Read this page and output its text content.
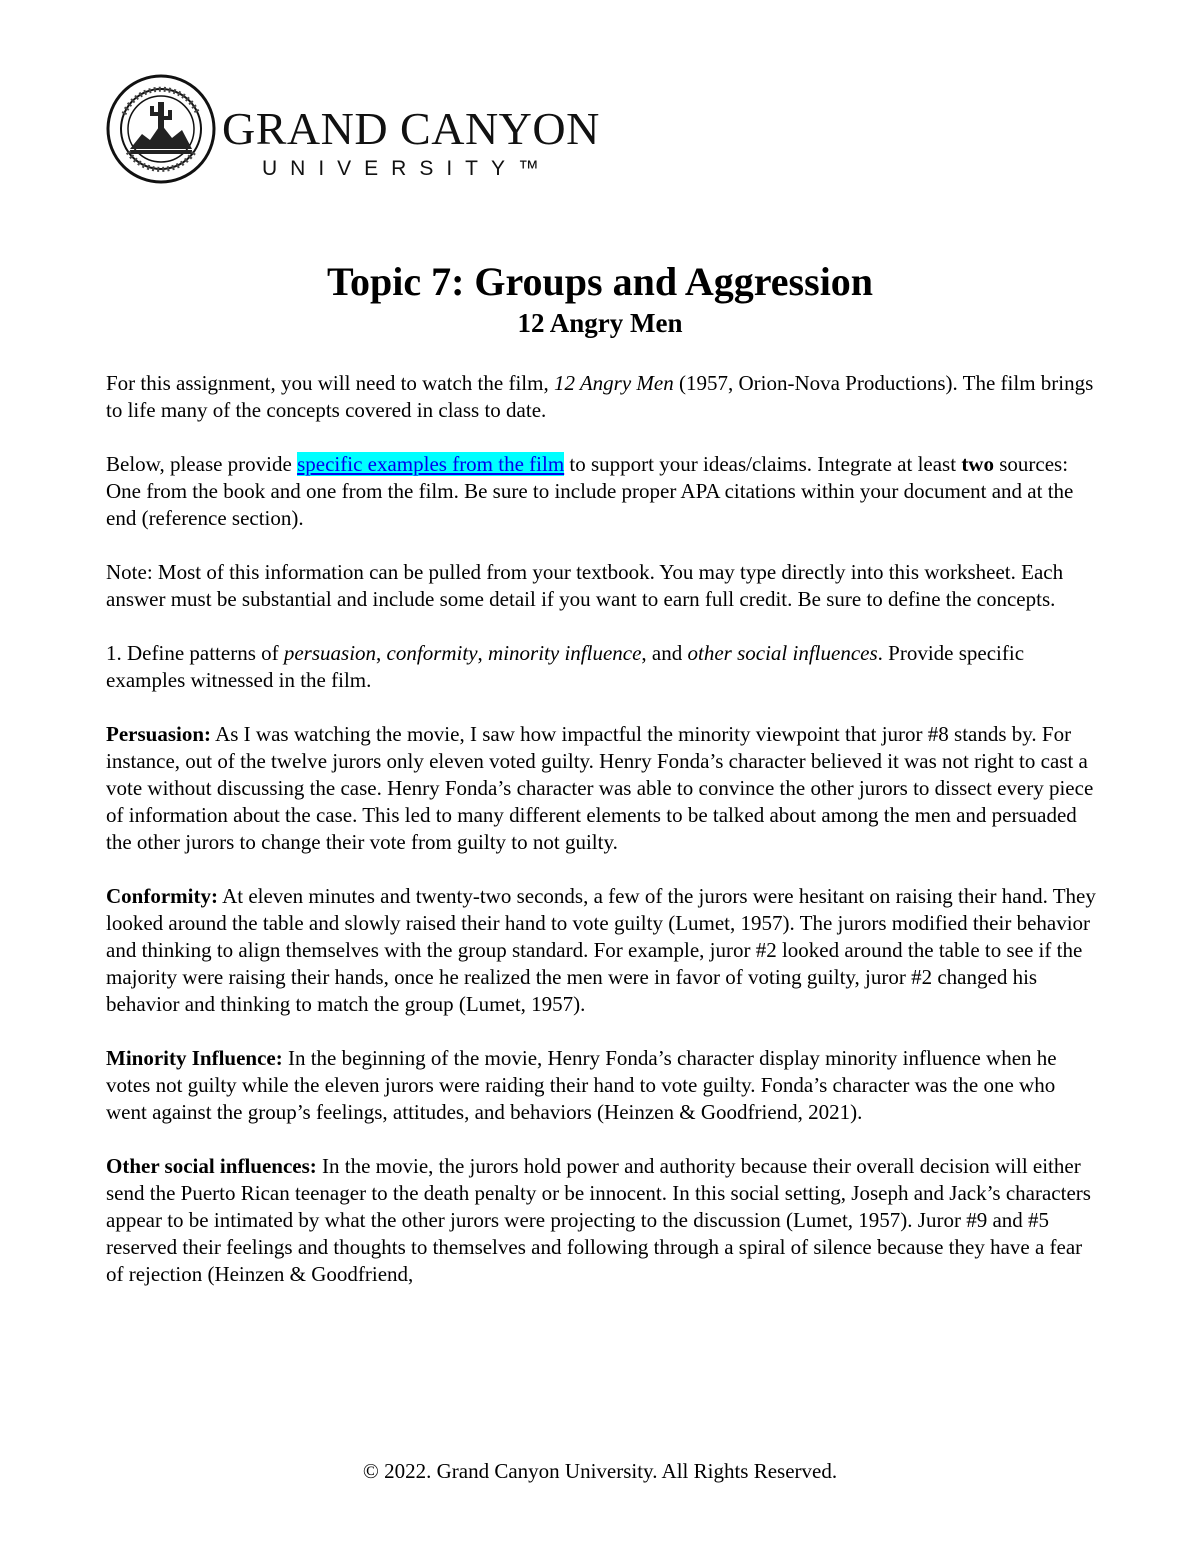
GRAND CANYON
UNIVERSITY™
Topic 7: Groups and Aggression
12 Angry Men

For this assignment, you will need to watch the film, 12 Angry Men (1957, Orion-Nova Productions). The film brings to life many of the concepts covered in class to date.

Below, please provide specific examples from the film to support your ideas/claims. Integrate at least two sources: One from the book and one from the film. Be sure to include proper APA citations within your document and at the end (reference section).

Note: Most of this information can be pulled from your textbook. You may type directly into this worksheet. Each answer must be substantial and include some detail if you want to earn full credit. Be sure to define the concepts.

1. Define patterns of persuasion, conformity, minority influence, and other social influences. Provide specific examples witnessed in the film.

Persuasion: As I was watching the movie, I saw how impactful the minority viewpoint that juror #8 stands by. For instance, out of the twelve jurors only eleven voted guilty. Henry Fonda’s character believed it was not right to cast a vote without discussing the case. Henry Fonda’s character was able to convince the other jurors to dissect every piece of information about the case. This led to many different elements to be talked about among the men and persuaded the other jurors to change their vote from guilty to not guilty.

Conformity: At eleven minutes and twenty-two seconds, a few of the jurors were hesitant on raising their hand. They looked around the table and slowly raised their hand to vote guilty (Lumet, 1957). The jurors modified their behavior and thinking to align themselves with the group standard. For example, juror #2 looked around the table to see if the majority were raising their hands, once he realized the men were in favor of voting guilty, juror #2 changed his behavior and thinking to match the group (Lumet, 1957).

Minority Influence: In the beginning of the movie, Henry Fonda’s character display minority influence when he votes not guilty while the eleven jurors were raiding their hand to vote guilty. Fonda’s character was the one who went against the group’s feelings, attitudes, and behaviors (Heinzen & Goodfriend, 2021).

Other social influences: In the movie, the jurors hold power and authority because their overall decision will either send the Puerto Rican teenager to the death penalty or be innocent. In this social setting, Joseph and Jack’s characters appear to be intimated by what the other jurors were projecting to the discussion (Lumet, 1957). Juror #9 and #5 reserved their feelings and thoughts to themselves and following through a spiral of silence because they have a fear of rejection (Heinzen & Goodfriend,

© 2022. Grand Canyon University. All Rights Reserved.
